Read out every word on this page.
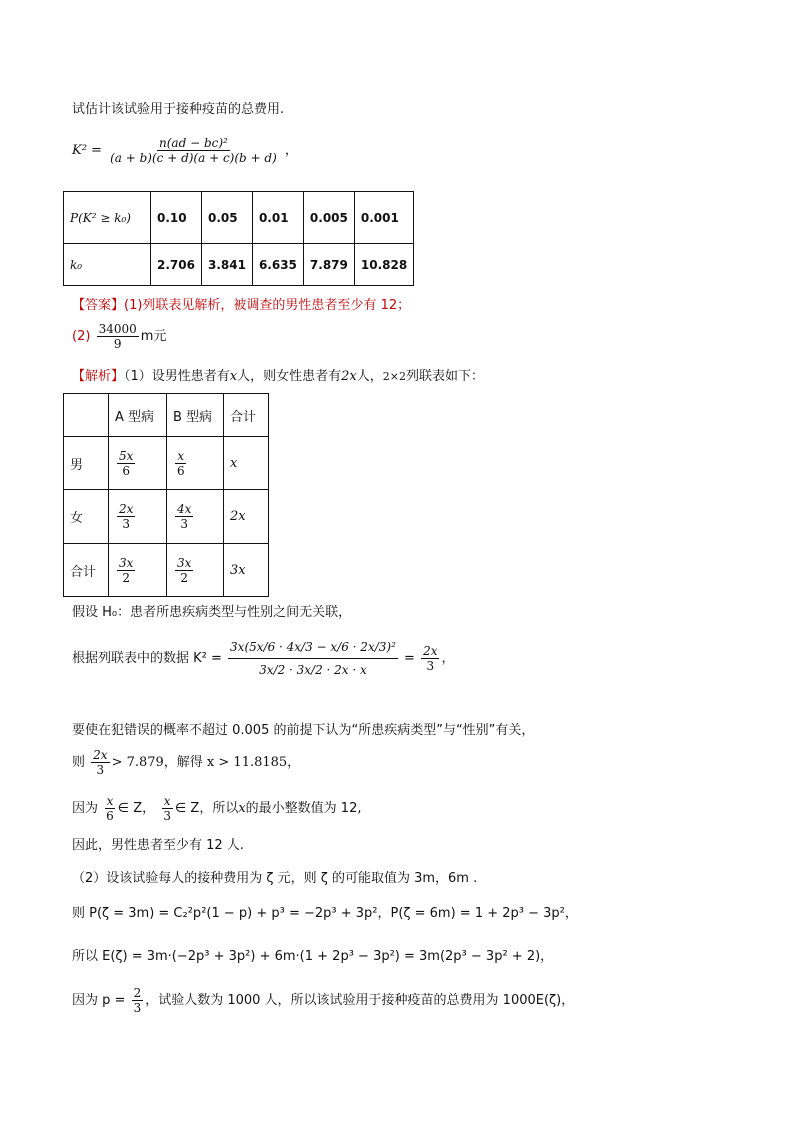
试估计该试验用于接种疫苗的总费用.
$K^2 = \frac{\text{n(ad − bc)²}}{(a + b)(c + d)(a + c)(b + d)}$ ，
P(K² ≥ k₀)	0.10	0.05	0.01	0.005	0.001
k₀	2.706	3.841	6.635	7.879	10.828
【答案】(1)列联表见解析，被调查的男性患者至少有 12；
$(2) \frac{34000}{9}$ m元
【解析】（1）设男性患者有x人，则女性患者有2x人，2×2列联表如下：
	A 型病	B 型病	合计
男	$\frac{5x}{6}$	$\frac{x}{6}$	x
女	$\frac{2x}{3}$	$\frac{4x}{3}$	2x
合计	$\frac{3x}{2}$	$\frac{3x}{2}$	3x
假设 H₀：患者所患疾病类型与性别之间无关联，
根据列联表中的数据 $K^2 = \frac{\text{3x(5x/6 · 4x/3 − x/6 · 2x/3)²}}{3x/2 \cdot 3x/2 \cdot 2x \cdot x} = \frac{2x}{3}$ ，
要使在犯错误的概率不超过 0.005 的前提下认为“所患疾病类型”与“性别”有关，
则 $\frac{2x}{3} > 7.879$，解得 x > 11.8185，
因为 $\frac{x}{6}$ ∈ Z， $\frac{x}{3}$ ∈ Z，所以x的最小整数值为 12,
因此，男性患者至少有 12 人.
（2）设该试验每人的接种费用为 ζ 元，则 ζ 的可能取值为 3m，6m .
则 P(ζ = 3m) = C₂²p²(1 − p) + p³ = −2p³ + 3p²，P(ζ = 6m) = 1 + 2p³ − 3p²，
所以 E(ζ) = 3m·(−2p³ + 3p²) + 6m·(1 + 2p³ − 3p²) = 3m(2p³ − 3p² + 2)，
因为 $p = \frac{2}{3}$ ，试验人数为 1000 人，所以该试验用于接种疫苗的总费用为 1000E(ζ)，
